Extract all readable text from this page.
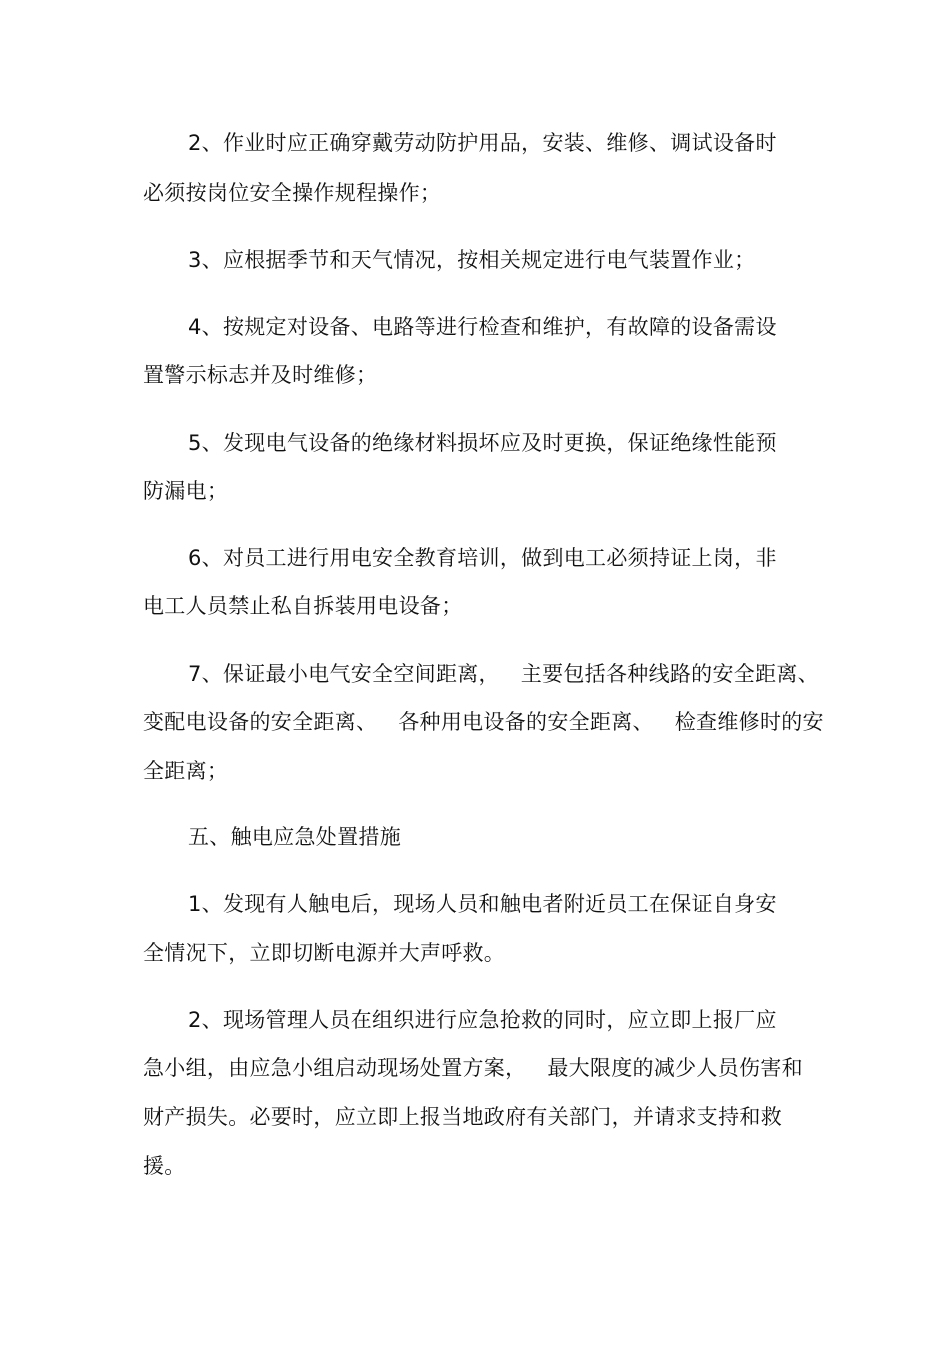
2、作业时应正确穿戴劳动防护用品，安装、维修、调试设备时
必须按岗位安全操作规程操作；
3、应根据季节和天气情况，按相关规定进行电气装置作业；
4、按规定对设备、电路等进行检查和维护，有故障的设备需设
置警示标志并及时维修；
5、发现电气设备的绝缘材料损坏应及时更换，保证绝缘性能预
防漏电；
6、对员工进行用电安全教育培训，做到电工必须持证上岗，非
电工人员禁止私自拆装用电设备；
7、保证最小电气安全空间距离，   主要包括各种线路的安全距离、
变配电设备的安全距离、   各种用电设备的安全距离、   检查维修时的安
全距离；
五、触电应急处置措施
1、发现有人触电后，现场人员和触电者附近员工在保证自身安
全情况下，立即切断电源并大声呼救。
2、现场管理人员在组织进行应急抢救的同时，应立即上报厂应
急小组，由应急小组启动现场处置方案，   最大限度的减少人员伤害和
财产损失。必要时，应立即上报当地政府有关部门，并请求支持和救
援。
